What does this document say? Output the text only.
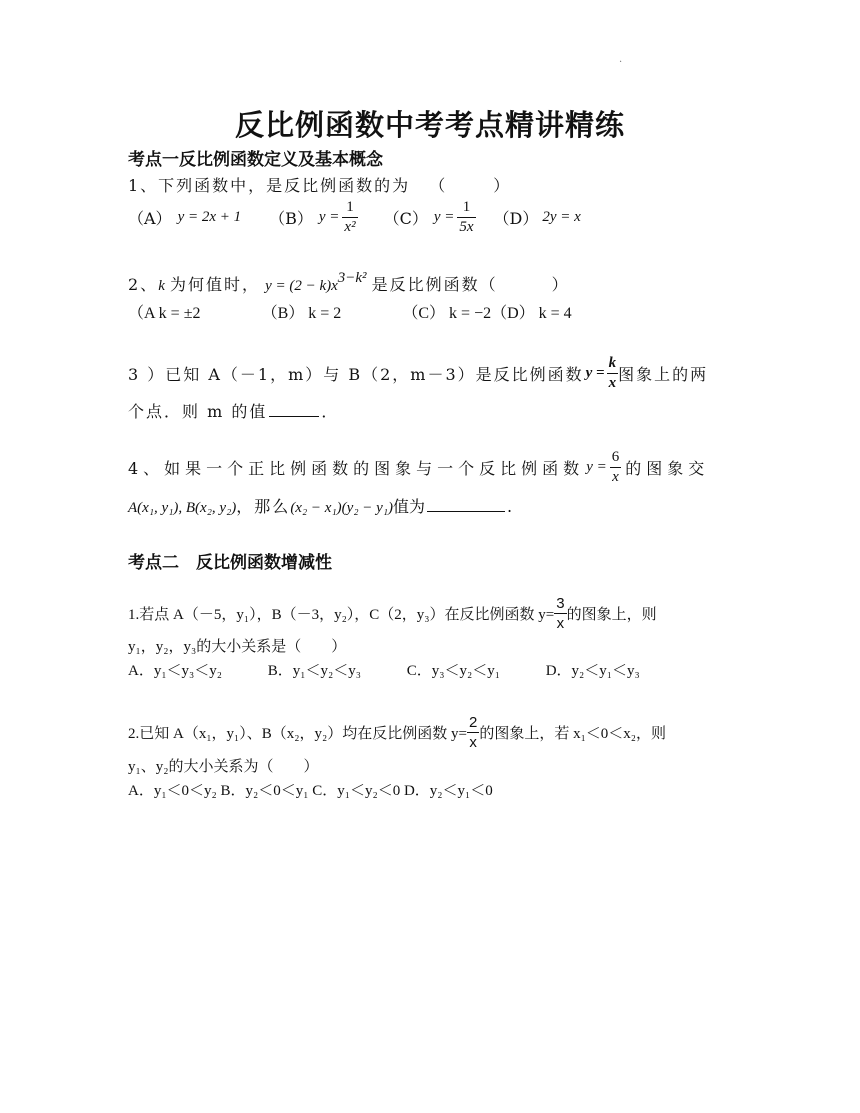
.
反比例函数中考考点精讲精练
考点一反比例函数定义及基本概念
1、下列函数中，是反比例函数的为 （　　　）
（A） y = 2x + 1 （B） $y = \frac{1}{\text{x²}} (C) y = \frac{1}{5x} (D) 2y = x$
2、k 为何值时， y = (2 − k)x3−k² 是反比例函数（　　　）
（A k = ±2	（B） k = 2	（C） k = −2（D） k = 4
3 ）已知 A（－1，m）与 B（2，m－3）是反比例函数 $y = \frac{k}{x}$ 图象上的两
个点．则 m 的值	．
4、如果一个正比例函数的图象与一个反比例函数 $y = \frac{6}{x}$ 的图象交
A(x₁, y₁), B(x₂, y₂)，那么(x₂ − x₁)(y₂ − y₁)值为	.
考点二　反比例函数增减性
1.若点 A（－5，y₁），B（－3，y₂），C（2，y₃）在反比例函数 $y= \frac{3}{x}$ 的图象上，则
y₁，y₂，y₃的大小关系是（　　）
A．y₁＜y₃＜y₂	B．y₁＜y₂＜y₃	C．y₃＜y₂＜y₁	D．y₂＜y₁＜y₃
2.已知 A（x₁，y₁）、B（x₂，y₂）均在反比例函数 $y= \frac{2}{x}$ 的图象上，若 x₁＜0＜x₂，则
y₁、y₂的大小关系为（　　）
A．y₁＜0＜y₂ B．y₂＜0＜y₁ C．y₁＜y₂＜0 D．y₂＜y₁＜0
